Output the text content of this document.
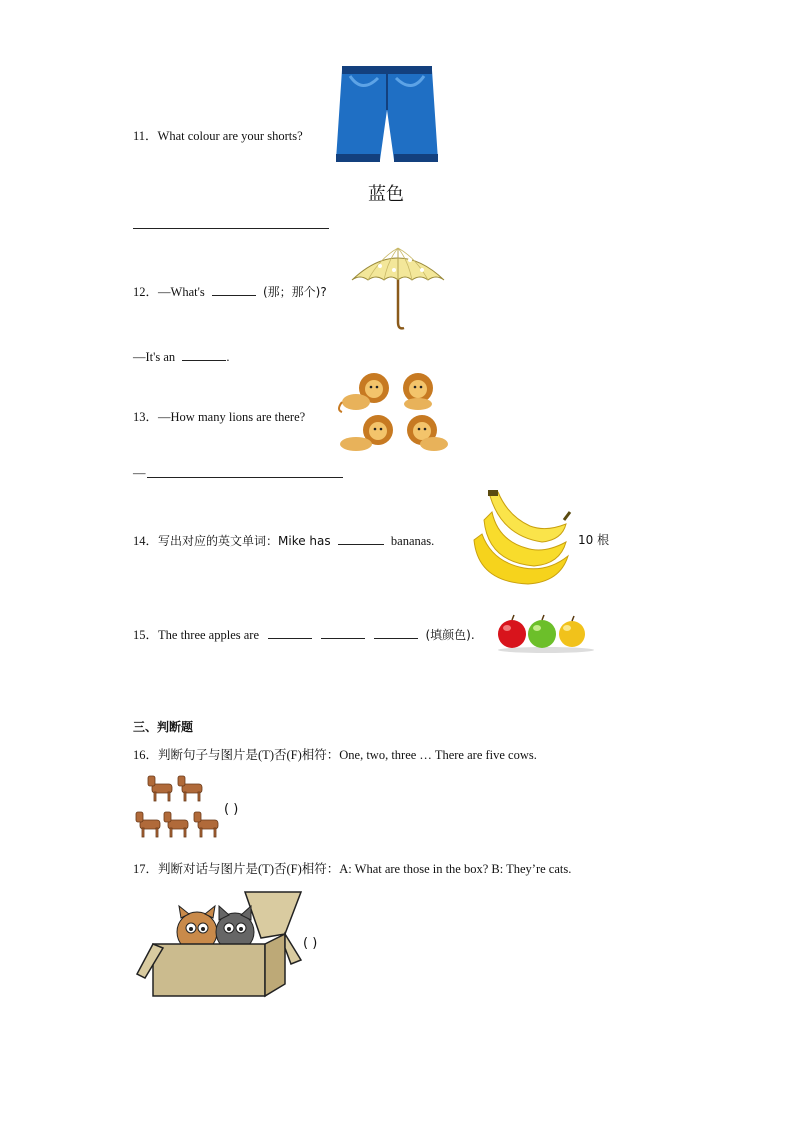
11．What colour are your shorts?
蓝色
12．—What's	(那；那个)?
—It's an	.
13．—How many lions are there?
—
14．写出对应的英文单词：Mike has	bananas.	10 根
15．The three apples are	(填颜色).
三、判断题
16．判断句子与图片是(T)否(F)相符：One, two, three … There are five cows.
( )
17．判断对话与图片是(T)否(F)相符：A: What are those in the box? B: They’re cats.
( )
